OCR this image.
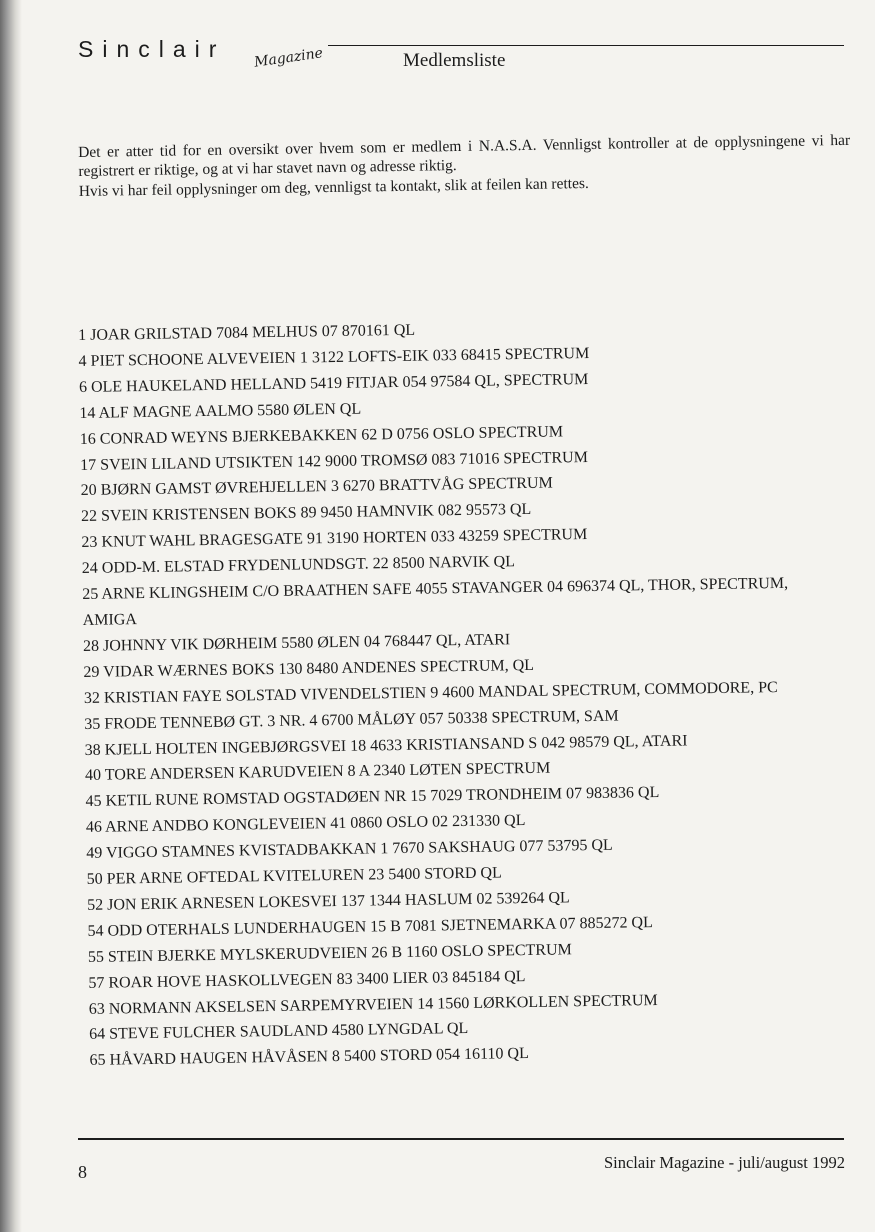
Sinclair Magazine	Medlemsliste

Det er atter tid for en oversikt over hvem som er medlem i N.A.S.A. Vennligst kontroller at de opplysningene vi har registrert er riktige, og at vi har stavet navn og adresse riktig.

Hvis vi har feil opplysninger om deg, vennligst ta kontakt, slik at feilen kan rettes.

1 JOAR GRILSTAD 7084 MELHUS 07 870161 QL
4 PIET SCHOONE ALVEVEIEN 1 3122 LOFTS-EIK 033 68415 SPECTRUM
6 OLE HAUKELAND HELLAND 5419 FITJAR 054 97584 QL, SPECTRUM
14 ALF MAGNE AALMO 5580 ØLEN QL
16 CONRAD WEYNS BJERKEBAKKEN 62 D 0756 OSLO SPECTRUM
17 SVEIN LILAND UTSIKTEN 142 9000 TROMSØ 083 71016 SPECTRUM
20 BJØRN GAMST ØVREHJELLEN 3 6270 BRATTVÅG SPECTRUM
22 SVEIN KRISTENSEN BOKS 89 9450 HAMNVIK 082 95573 QL
23 KNUT WAHL BRAGESGATE 91 3190 HORTEN 033 43259 SPECTRUM
24 ODD-M. ELSTAD FRYDENLUNDSGT. 22 8500 NARVIK QL
25 ARNE KLINGSHEIM C/O BRAATHEN SAFE 4055 STAVANGER 04 696374 QL, THOR, SPECTRUM, AMIGA
28 JOHNNY VIK DØRHEIM 5580 ØLEN 04 768447 QL, ATARI
29 VIDAR WÆRNES BOKS 130 8480 ANDENES SPECTRUM, QL
32 KRISTIAN FAYE SOLSTAD VIVENDELSTIEN 9 4600 MANDAL SPECTRUM, COMMODORE, PC
35 FRODE TENNEBØ GT. 3 NR. 4 6700 MÅLØY 057 50338 SPECTRUM, SAM
38 KJELL HOLTEN INGEBJØRGSVEI 18 4633 KRISTIANSAND S 042 98579 QL, ATARI
40 TORE ANDERSEN KARUDVEIEN 8 A 2340 LØTEN SPECTRUM
45 KETIL RUNE ROMSTAD OGSTADØEN NR 15 7029 TRONDHEIM 07 983836 QL
46 ARNE ANDBO KONGLEVEIEN 41 0860 OSLO 02 231330 QL
49 VIGGO STAMNES KVISTADBAKKAN 1 7670 SAKSHAUG 077 53795 QL
50 PER ARNE OFTEDAL KVITELUREN 23 5400 STORD QL
52 JON ERIK ARNESEN LOKESVEI 137 1344 HASLUM 02 539264 QL
54 ODD OTERHALS LUNDERHAUGEN 15 B 7081 SJETNEMARKA 07 885272 QL
55 STEIN BJERKE MYLSKERUDVEIEN 26 B 1160 OSLO SPECTRUM
57 ROAR HOVE HASKOLLVEGEN 83 3400 LIER 03 845184 QL
63 NORMANN AKSELSEN SARPEMYRVEIEN 14 1560 LØRKOLLEN SPECTRUM
64 STEVE FULCHER SAUDLAND 4580 LYNGDAL QL
65 HÅVARD HAUGEN HÅVÅSEN 8 5400 STORD 054 16110 QL
8	Sinclair Magazine - juli/august 1992
